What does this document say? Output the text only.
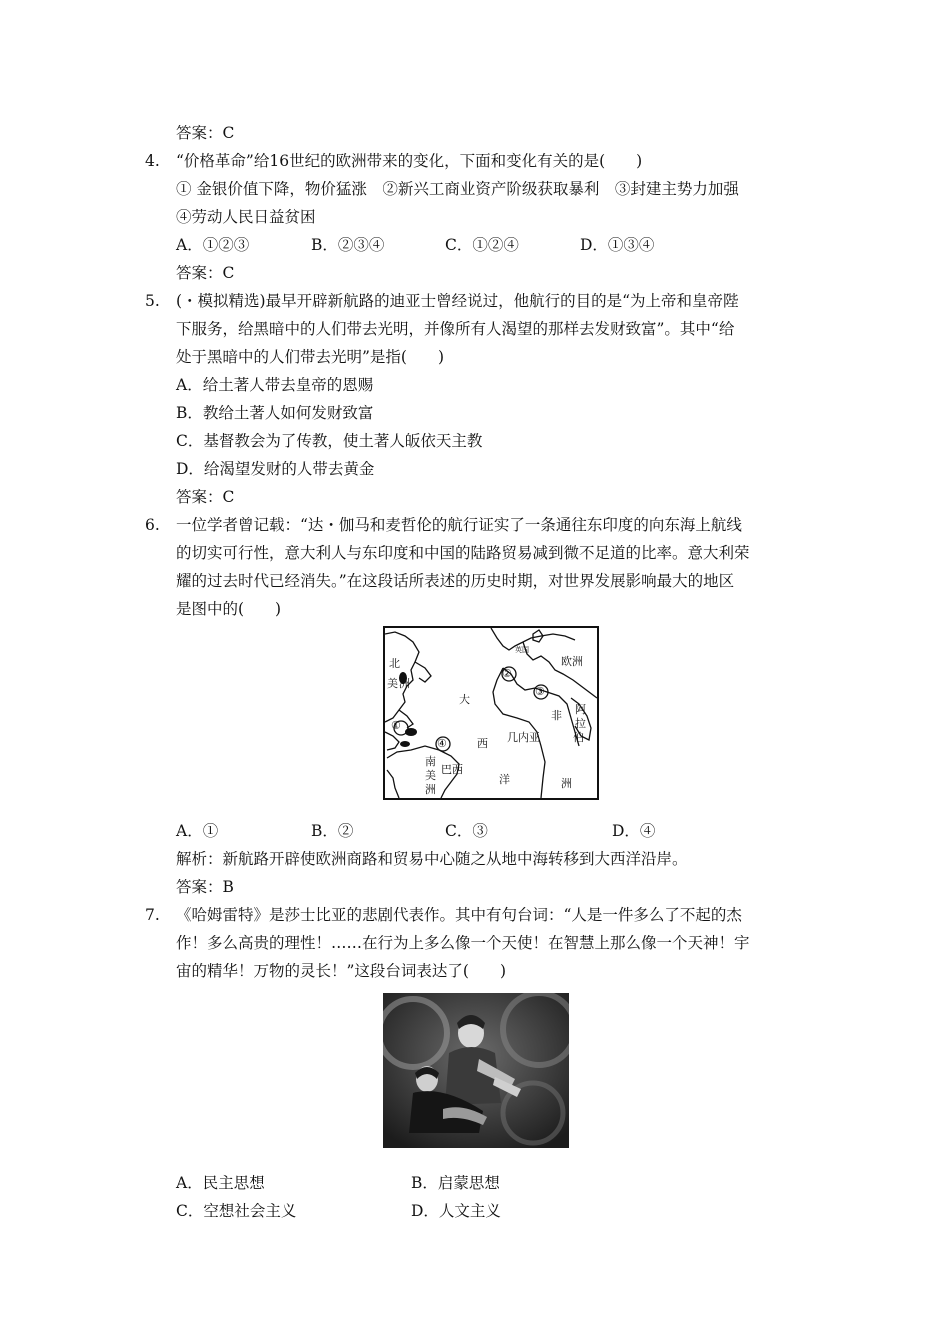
答案：C
4. “价格革命”给16世纪的欧洲带来的变化，下面和变化有关的是(　　)
① 金银价值下降，物价猛涨　②新兴工商业资产阶级获取暴利　③封建主势力加强
④劳动人民日益贫困
A．①②③	B．②③④	C．①②④	D．①③④
答案：C
5. (・模拟精选)最早开辟新航路的迪亚士曾经说过，他航行的目的是“为上帝和皇帝陛
下服务，给黑暗中的人们带去光明，并像所有人渴望的那样去发财致富”。其中“给
处于黑暗中的人们带去光明”是指(　　)
A．给土著人带去皇帝的恩赐
B．教给土著人如何发财致富
C．基督教会为了传教，使土著人皈依天主教
D．给渴望发财的人带去黄金
答案：C
6. 一位学者曾记载：“达・伽马和麦哲伦的航行证实了一条通往东印度的向东海上航线
的切实可行性，意大利人与东印度和中国的陆路贸易减到微不足道的比率。意大利荣
耀的过去时代已经消失。”在这段话所表述的历史时期，对世界发展影响最大的地区
是图中的(　　)
北
美 洲
①
②
③
④
英国
欧洲
大
西
洋
非
洲
几内亚
阿
拉
伯
南
美
洲
巴西
A．①	B．②	C．③	D．④
解析：新航路开辟使欧洲商路和贸易中心随之从地中海转移到大西洋沿岸。
答案：B
7. 《哈姆雷特》是莎士比亚的悲剧代表作。其中有句台词：“人是一件多么了不起的杰
作！多么高贵的理性！……在行为上多么像一个天使！在智慧上那么像一个天神！宇
宙的精华！万物的灵长！”这段台词表达了(　　)
A．民主思想	B．启蒙思想
C．空想社会主义	D．人文主义
